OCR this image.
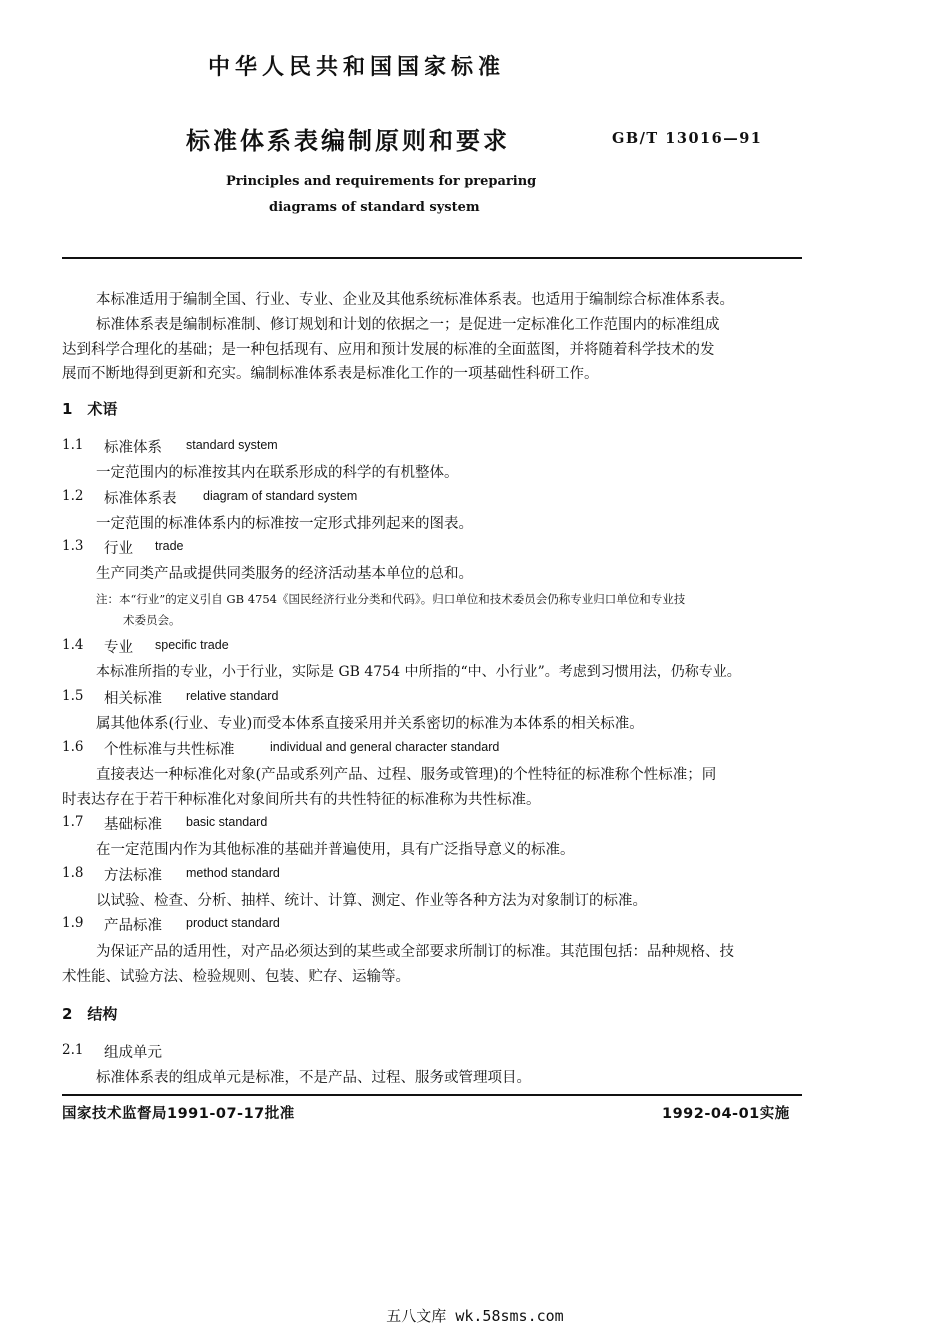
中华人民共和国国家标准
标准体系表编制原则和要求	GB/T 13016—91
Principles and requirements for preparing
diagrams of standard system
本标准适用于编制全国、行业、专业、企业及其他系统标准体系表。也适用于编制综合标准体系表。
标准体系表是编制标准制、修订规划和计划的依据之一；是促进一定标准化工作范围内的标准组成
达到科学合理化的基础；是一种包括现有、应用和预计发展的标准的全面蓝图，并将随着科学技术的发
展而不断地得到更新和充实。编制标准体系表是标准化工作的一项基础性科研工作。
1　术语
1.1 标准体系 standard system
一定范围内的标准按其内在联系形成的科学的有机整体。
1.2 标准体系表 diagram of standard system
一定范围的标准体系内的标准按一定形式排列起来的图表。
1.3 行业 trade
生产同类产品或提供同类服务的经济活动基本单位的总和。
注：本“行业”的定义引自 GB 4754《国民经济行业分类和代码》。归口单位和技术委员会仍称专业归口单位和专业技
术委员会。
1.4 专业 specific trade
本标准所指的专业，小于行业，实际是 GB 4754 中所指的“中、小行业”。考虑到习惯用法，仍称专业。
1.5 相关标准 relative standard
属其他体系(行业、专业)而受本体系直接采用并关系密切的标准为本体系的相关标准。
1.6 个性标准与共性标准	individual and general character standard
直接表达一种标准化对象(产品或系列产品、过程、服务或管理)的个性特征的标准称个性标准；同
时表达存在于若干种标准化对象间所共有的共性特征的标准称为共性标准。
1.7 基础标准 basic standard
在一定范围内作为其他标准的基础并普遍使用，具有广泛指导意义的标准。
1.8 方法标准 method standard
以试验、检查、分析、抽样、统计、计算、测定、作业等各种方法为对象制订的标准。
1.9 产品标准 product standard
为保证产品的适用性，对产品必须达到的某些或全部要求所制订的标准。其范围包括：品种规格、技
术性能、试验方法、检验规则、包装、贮存、运输等。
2　结构
2.1 组成单元
标准体系表的组成单元是标准，不是产品、过程、服务或管理项目。
国家技术监督局1991-07-17批准	1992-04-01实施
五八文库 wk.58sms.com
